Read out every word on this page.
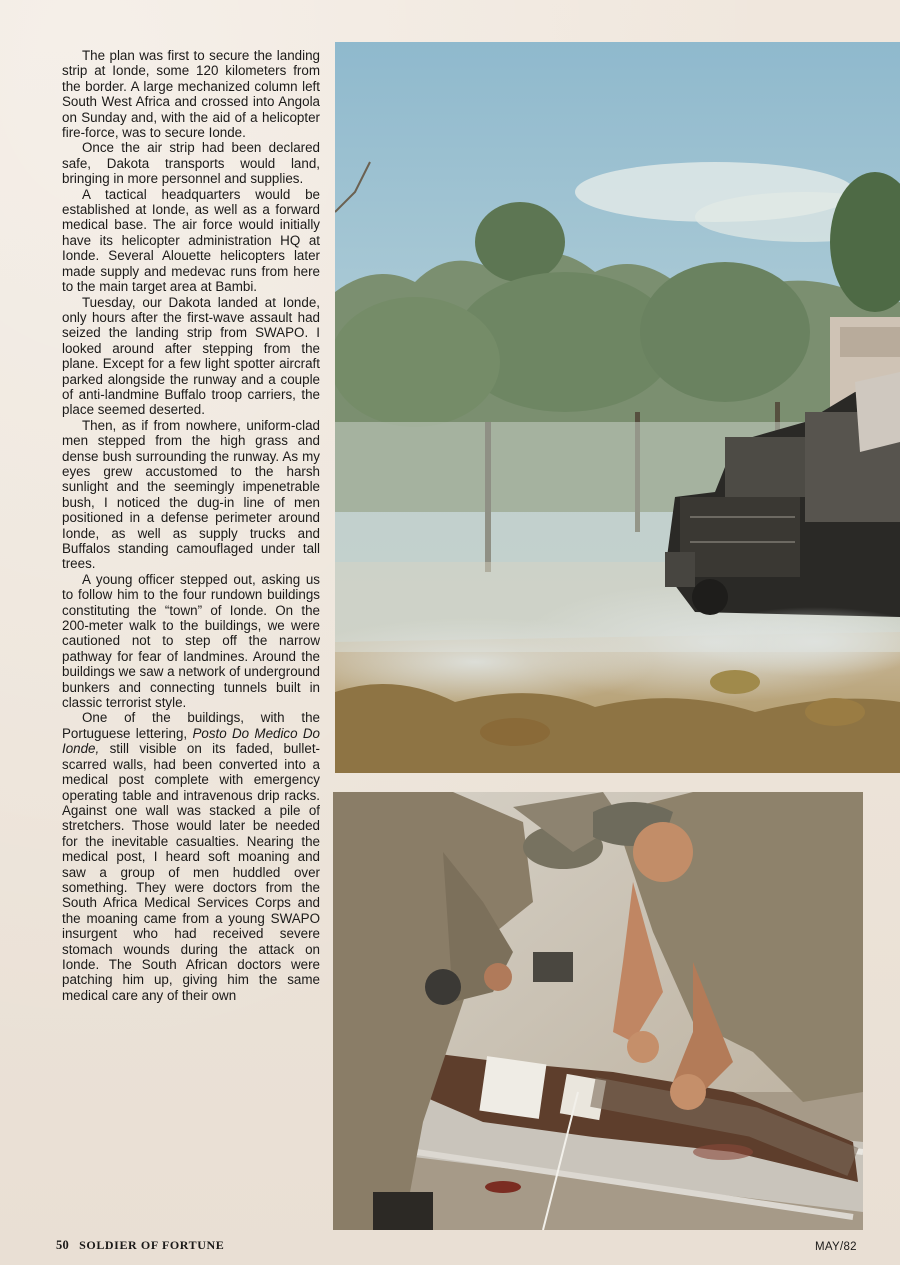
The plan was first to secure the landing strip at Ionde, some 120 kilometers from the border. A large mechanized column left South West Africa and crossed into Angola on Sunday and, with the aid of a helicopter fire-force, was to secure Ionde.

Once the air strip had been declared safe, Dakota transports would land, bringing in more personnel and supplies.

A tactical headquarters would be established at Ionde, as well as a forward medical base. The air force would initially have its helicopter administration HQ at Ionde. Several Alouette helicopters later made supply and medevac runs from here to the main target area at Bambi.

Tuesday, our Dakota landed at Ionde, only hours after the first-wave assault had seized the landing strip from SWAPO. I looked around after stepping from the plane. Except for a few light spotter aircraft parked alongside the runway and a couple of anti-landmine Buffalo troop carriers, the place seemed deserted.

Then, as if from nowhere, uniform-clad men stepped from the high grass and dense bush surrounding the runway. As my eyes grew accustomed to the harsh sunlight and the seemingly impenetrable bush, I noticed the dug-in line of men positioned in a defense perimeter around Ionde, as well as supply trucks and Buffalos standing camouflaged under tall trees.

A young officer stepped out, asking us to follow him to the four rundown buildings constituting the “town” of Ionde. On the 200-meter walk to the buildings, we were cautioned not to step off the narrow pathway for fear of landmines. Around the buildings we saw a network of underground bunkers and connecting tunnels built in classic terrorist style.

One of the buildings, with the Portuguese lettering, Posto Do Medico Do Ionde, still visible on its faded, bullet-scarred walls, had been converted into a medical post complete with emergency operating table and intravenous drip racks. Against one wall was stacked a pile of stretchers. Those would later be needed for the inevitable casualties. Nearing the medical post, I heard soft moaning and saw a group of men huddled over something. They were doctors from the South Africa Medical Services Corps and the moaning came from a young SWAPO insurgent who had received severe stomach wounds during the attack on Ionde. The South African doctors were patching him up, giving him the same medical care any of their own

50 SOLDIER OF FORTUNE	MAY/82
